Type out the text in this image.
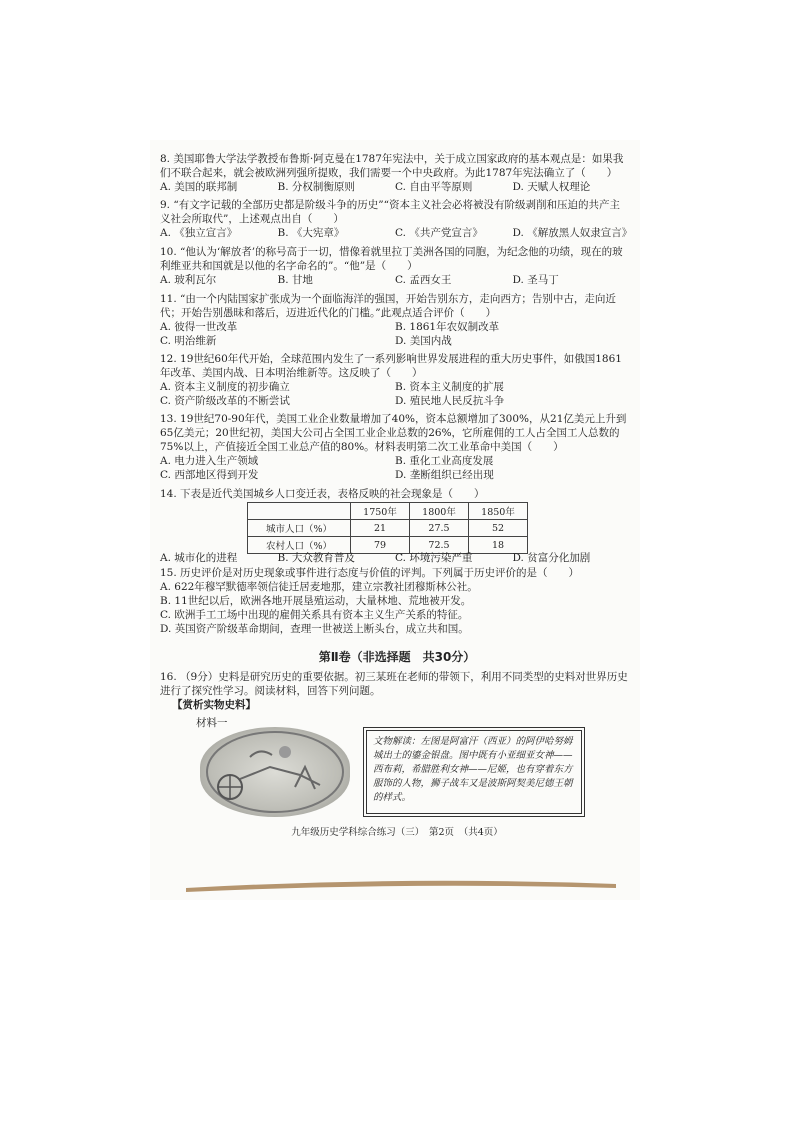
8. 美国耶鲁大学法学教授布鲁斯·阿克曼在1787年宪法中，关于成立国家政府的基本观点是：如果我们不联合起来，就会被欧洲列强所提败，我们需要一个中央政府。为此1787年宪法确立了（　　）
A. 美国的联邦制	B. 分权制衡原则	C. 自由平等原则	D. 天赋人权理论
9. “有文字记载的全部历史都是阶级斗争的历史”“资本主义社会必将被没有阶级剥削和压迫的共产主义社会所取代”，上述观点出自（　　）
A. 《独立宣言》	B. 《大宪章》	C. 《共产党宣言》	D. 《解放黑人奴隶宣言》
10. “他认为‘解放者’的称号高于一切，惜像着就里拉丁美洲各国的同胞，为纪念他的功绩，现在的玻利维亚共和国就是以他的名字命名的”。“他”是（　　）
A. 玻利瓦尔	B. 甘地	C. 孟西女王	D. 圣马丁
11. “由一个内陆国家扩张成为一个面临海洋的强国，开始告别东方，走向西方；告别中古，走向近代；开始告别愚昧和落后，迈进近代化的门槛。”此观点适合评价（　　）
A. 彼得一世改革	B. 1861年农奴制改革
C. 明治维新	D. 美国内战
12. 19世纪60年代开始，全球范围内发生了一系列影响世界发展进程的重大历史事件，如俄国1861年改革、美国内战、日本明治维新等。这反映了（　　）
A. 资本主义制度的初步确立	B. 资本主义制度的扩展
C. 资产阶级改革的不断尝试	D. 殖民地人民反抗斗争
13. 19世纪70-90年代，美国工业企业数量增加了40%，资本总额增加了300%，从21亿美元上升到65亿美元；20世纪初，美国大公司占全国工业企业总数的26%，它所雇佣的工人占全国工人总数的75%以上，产值接近全国工业总产值的80%。材料表明第二次工业革命中美国（　　）
A. 电力进入生产领域	B. 重化工业高度发展
C. 西部地区得到开发	D. 垄断组织已经出现
14. 下表是近代美国城乡人口变迁表，表格反映的社会现象是（　　）
	1750年	1800年	1850年
城市人口（%）	21	27.5	52
农村人口（%）	79	72.5	18
A. 城市化的进程	B. 大众教育普及	C. 环境污染严重	D. 贫富分化加剧
15. 历史评价是对历史现象或事件进行态度与价值的评判。下列属于历史评价的是（　　）
A. 622年穆罕默德率领信徒迁居麦地那，建立宗教社团穆斯林公社。
B. 11世纪以后，欧洲各地开展垦殖运动，大量林地、荒地被开发。
C. 欧洲手工工场中出现的雇佣关系具有资本主义生产关系的特征。
D. 英国资产阶级革命期间，查理一世被送上断头台，成立共和国。
第Ⅱ卷（非选择题　共30分）
16. （9分）史料是研究历史的重要依据。初三某班在老师的带领下，利用不同类型的史料对世界历史进行了探究性学习。阅读材料，回答下列问题。
【赏析实物史料】
材料一
文物解读：左图是阿富汗（西亚）的阿伊哈努姆城出土的鎏金银盘。图中既有小亚细亚女神——西布莉，希腊胜利女神——尼姬，也有穿着东方服饰的人物，狮子战车又是波斯阿契美尼德王朝的样式。
九年级历史学科综合练习（三）　第2页　（共4页）
